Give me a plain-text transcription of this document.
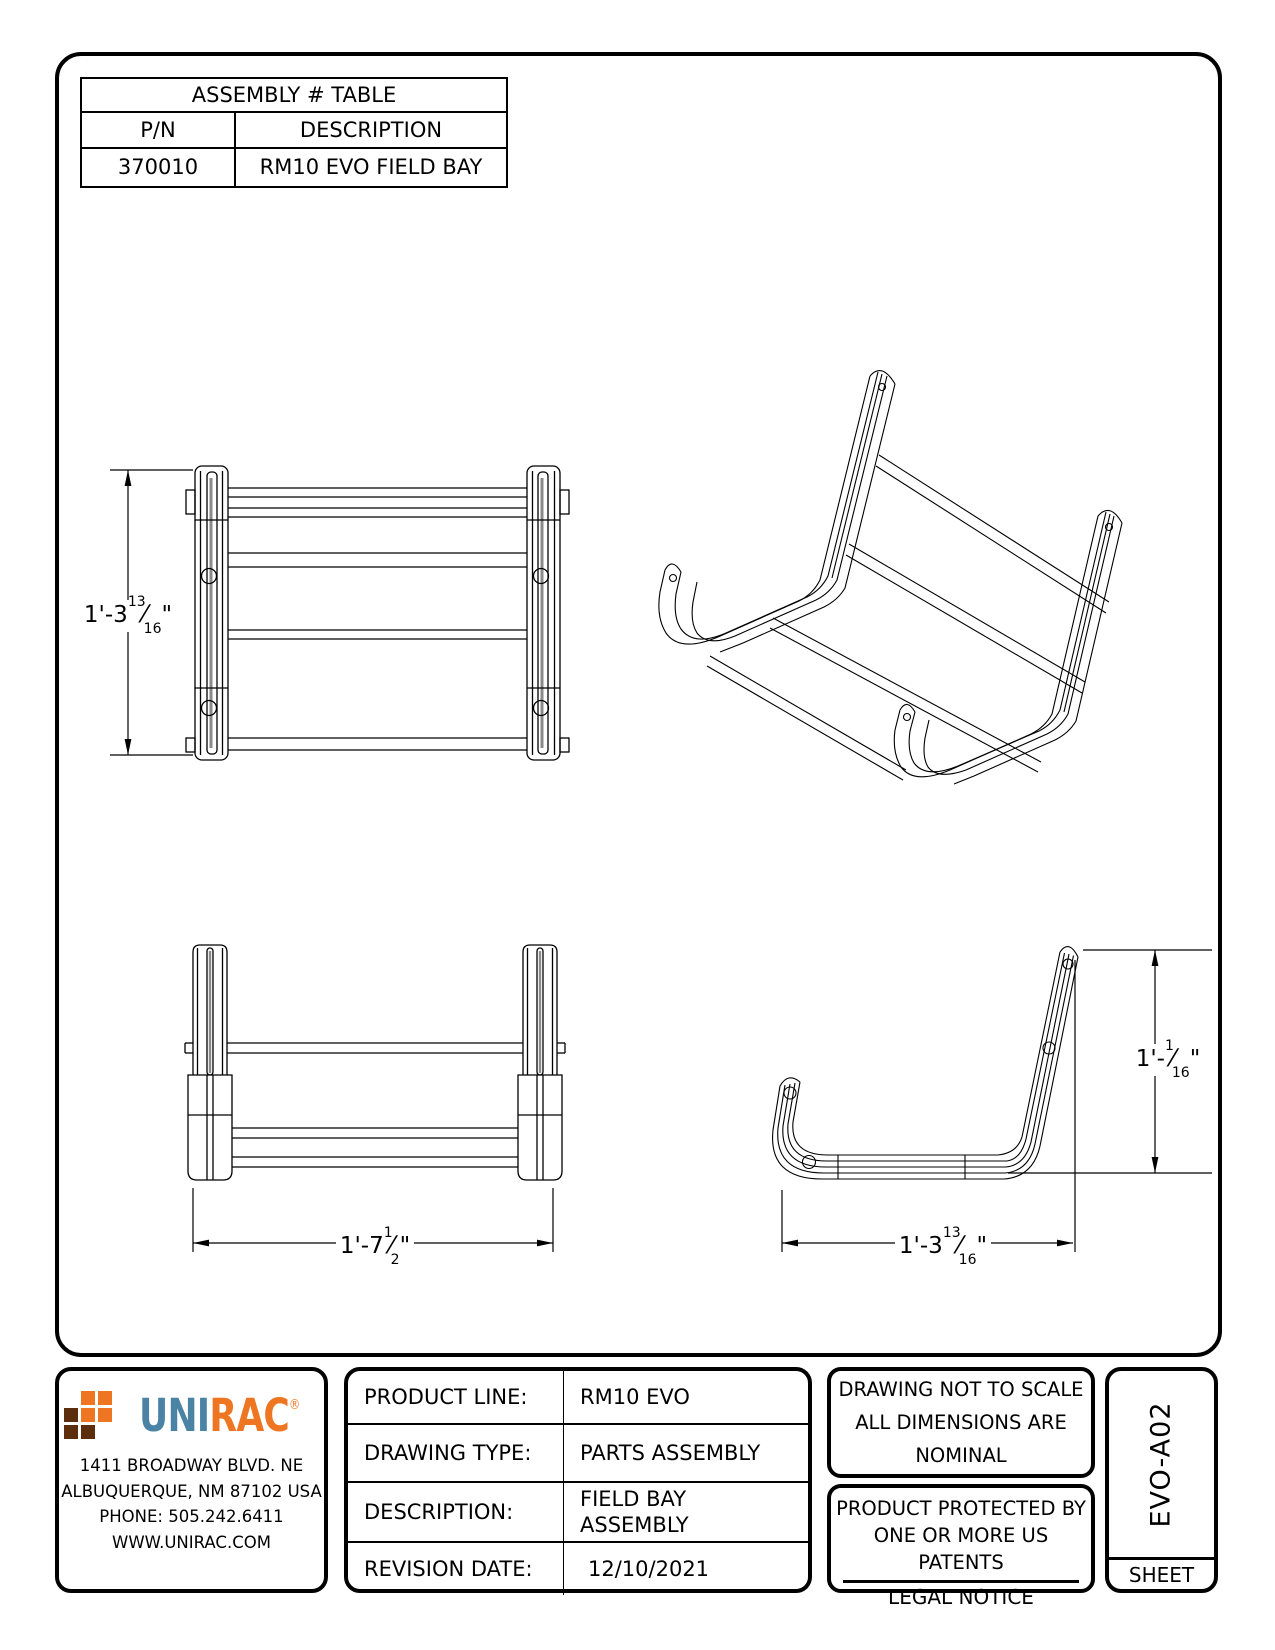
ASSEMBLY # TABLE
P/N	DESCRIPTION
370010	RM10 EVO FIELD BAY
$1'-3^{13}⁄_{16}$"
$1'-7^1⁄_2$"	$1'-3^{13}⁄_{16}$"
$1'-^1⁄_{16}$"
UNIRAC®
1411 BROADWAY BLVD. NE
ALBUQUERQUE, NM 87102 USA
PHONE: 505.242.6411
WWW.UNIRAC.COM
PRODUCT LINE:	RM10 EVO
DRAWING TYPE:	PARTS ASSEMBLY
DESCRIPTION:
FIELD BAY
ASSEMBLY
REVISION DATE:	12/10/2021
DRAWING NOT TO SCALE
ALL DIMENSIONS ARE
NOMINAL
PRODUCT PROTECTED BY
ONE OR MORE US PATENTS
LEGAL NOTICE
EVO-A02
SHEET
